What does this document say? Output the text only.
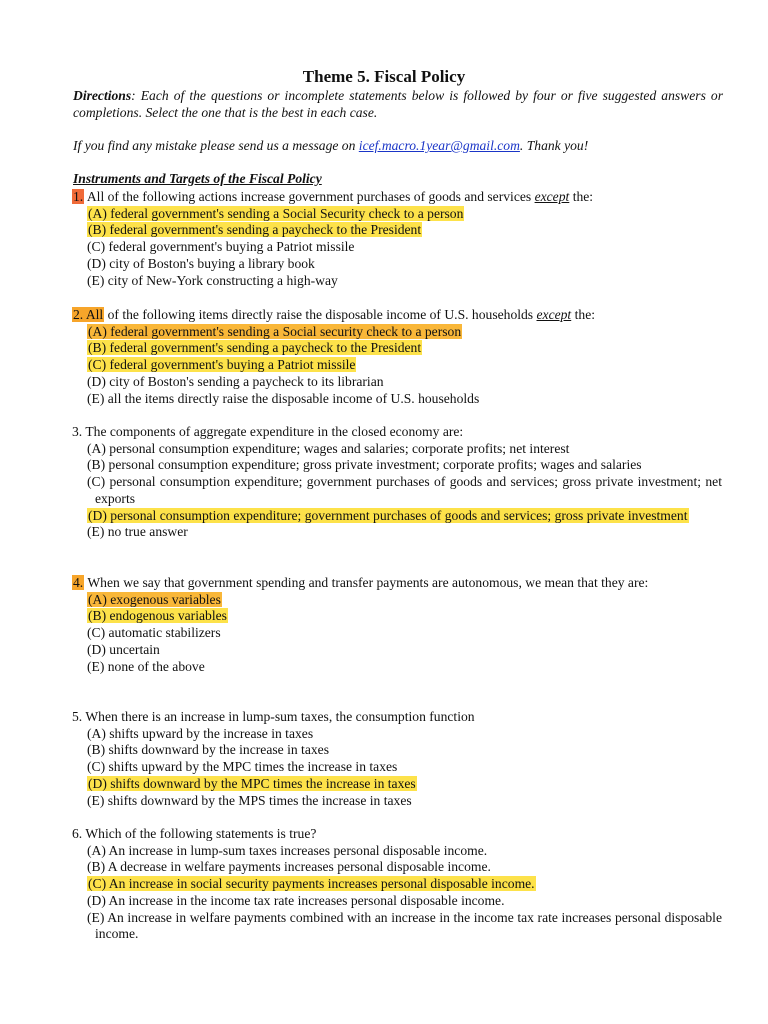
Theme 5. Fiscal Policy
Directions: Each of the questions or incomplete statements below is followed by four or five suggested answers or completions. Select the one that is the best in each case.
If you find any mistake please send us a message on icef.macro.1year@gmail.com. Thank you!
Instruments and Targets of the Fiscal Policy
1. All of the following actions increase government purchases of goods and services except the:
(A) federal government's sending a Social Security check to a person
(B) federal government's sending a paycheck to the President
(C) federal government's buying a Patriot missile
(D) city of Boston's buying a library book
(E) city of New-York constructing a high-way
2. All of the following items directly raise the disposable income of U.S. households except the:
(A) federal government's sending a Social security check to a person
(B) federal government's sending a paycheck to the President
(C) federal government's buying a Patriot missile
(D) city of Boston's sending a paycheck to its librarian
(E) all the items directly raise the disposable income of U.S. households
3. The components of aggregate expenditure in the closed economy are:
(A) personal consumption expenditure; wages and salaries; corporate profits; net interest
(B) personal consumption expenditure; gross private investment; corporate profits; wages and salaries
(C) personal consumption expenditure; government purchases of goods and services; gross private investment; net exports
(D) personal consumption expenditure; government purchases of goods and services; gross private investment
(E) no true answer
4. When we say that government spending and transfer payments are autonomous, we mean that they are:
(A) exogenous variables
(B) endogenous variables
(C) automatic stabilizers
(D) uncertain
(E) none of the above
5. When there is an increase in lump-sum taxes, the consumption function
(A) shifts upward by the increase in taxes
(B) shifts downward by the increase in taxes
(C) shifts upward by the MPC times the increase in taxes
(D) shifts downward by the MPC times the increase in taxes
(E) shifts downward by the MPS times the increase in taxes
6. Which of the following statements is true?
(A) An increase in lump-sum taxes increases personal disposable income.
(B) A decrease in welfare payments increases personal disposable income.
(C) An increase in social security payments increases personal disposable income.
(D) An increase in the income tax rate increases personal disposable income.
(E) An increase in welfare payments combined with an increase in the income tax rate increases personal disposable income.
